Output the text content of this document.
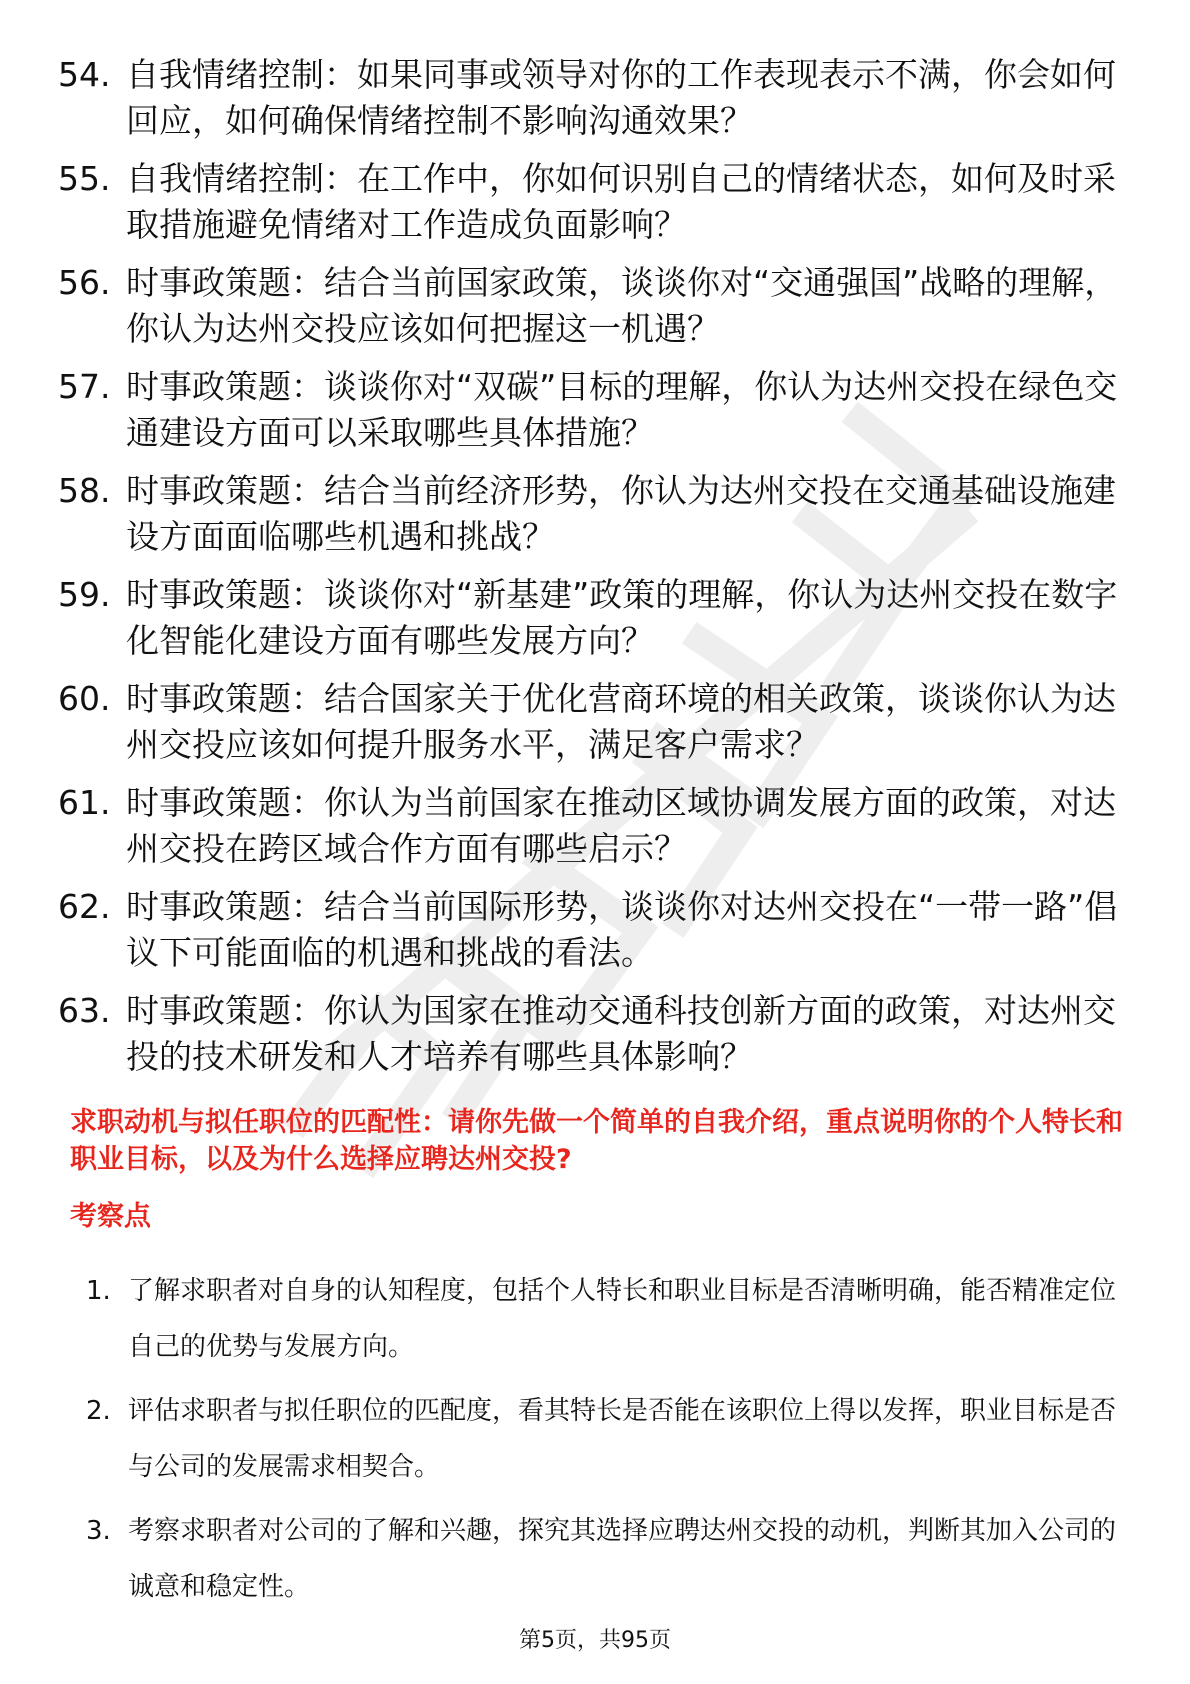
54. 自我情绪控制：如果同事或领导对你的工作表现表示不满，你会如何回应，如何确保情绪控制不影响沟通效果？
55. 自我情绪控制：在工作中，你如何识别自己的情绪状态，如何及时采取措施避免情绪对工作造成负面影响？
56. 时事政策题：结合当前国家政策，谈谈你对“交通强国”战略的理解，你认为达州交投应该如何把握这一机遇？
57. 时事政策题：谈谈你对“双碳”目标的理解，你认为达州交投在绿色交通建设方面可以采取哪些具体措施？
58. 时事政策题：结合当前经济形势，你认为达州交投在交通基础设施建设方面面临哪些机遇和挑战？
59. 时事政策题：谈谈你对“新基建”政策的理解，你认为达州交投在数字化智能化建设方面有哪些发展方向？
60. 时事政策题：结合国家关于优化营商环境的相关政策，谈谈你认为达州交投应该如何提升服务水平，满足客户需求？
61. 时事政策题：你认为当前国家在推动区域协调发展方面的政策，对达州交投在跨区域合作方面有哪些启示？
62. 时事政策题：结合当前国际形势，谈谈你对达州交投在“一带一路”倡议下可能面临的机遇和挑战的看法。
63. 时事政策题：你认为国家在推动交通科技创新方面的政策，对达州交投的技术研发和人才培养有哪些具体影响？
求职动机与拟任职位的匹配性：请你先做一个简单的自我介绍，重点说明你的个人特长和职业目标，以及为什么选择应聘达州交投?
考察点
1. 了解求职者对自身的认知程度，包括个人特长和职业目标是否清晰明确，能否精准定位自己的优势与发展方向。
2. 评估求职者与拟任职位的匹配度，看其特长是否能在该职位上得以发挥，职业目标是否与公司的发展需求相契合。
3. 考察求职者对公司的了解和兴趣，探究其选择应聘达州交投的动机，判断其加入公司的诚意和稳定性。
第5页，共95页
